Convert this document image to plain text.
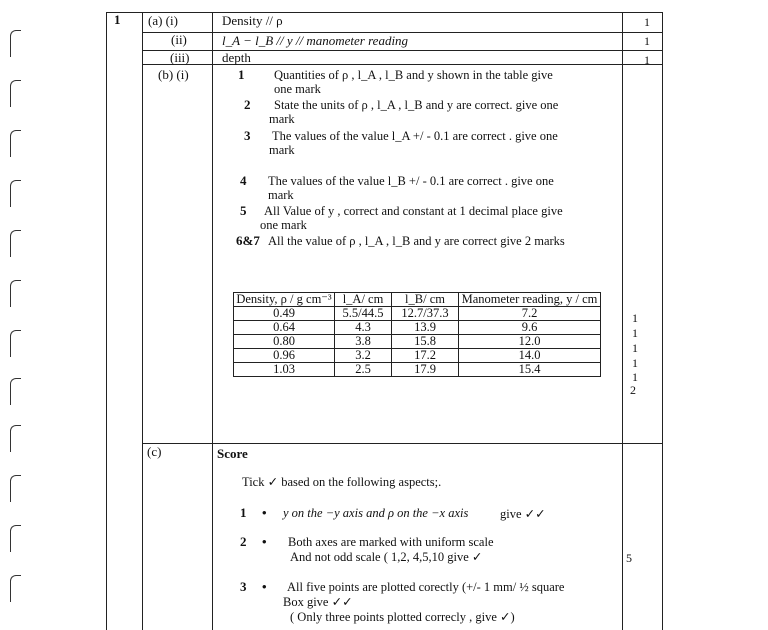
1 (a) (i)	Density // ρ	1
(ii)	l_A − l_B // y // manometer reading	1
(iii)	depth	1
(b) (i)	1 Quantities of ρ , l_A , l_B and y shown in the table give
one mark
2 State the units of ρ , l_A , l_B and y are correct. give one
mark
3 The values of the value l_A +/ - 0.1 are correct . give one
mark
4 The values of the value l_B +/ - 0.1 are correct . give one
mark
5 All Value of y , correct and constant at 1 decimal place give
one mark
6&7 All the value of ρ , l_A , l_B and y are correct give 2 marks
Density, ρ / g cm⁻³	l_A/ cm	l_B/ cm	Manometer reading, y / cm
0.49	5.5/44.5	12.7/37.3	7.2
0.64	4.3	13.9	9.6
0.80	3.8	15.8	12.0
0.96	3.2	17.2	14.0
1.03	2.5	17.9	15.4
1
1
1
1
1
2
(c)	Score
Tick ✓ based on the following aspects;.
1 • y on the −y axis and ρ on the −x axis	give ✓✓
2 • Both axes are marked with uniform scale
And not odd scale ( 1,2, 4,5,10 give ✓	5
3 • All five points are plotted corectly (+/- 1 mm/ ½ square
Box give ✓✓
( Only three points plotted correcly , give ✓)
